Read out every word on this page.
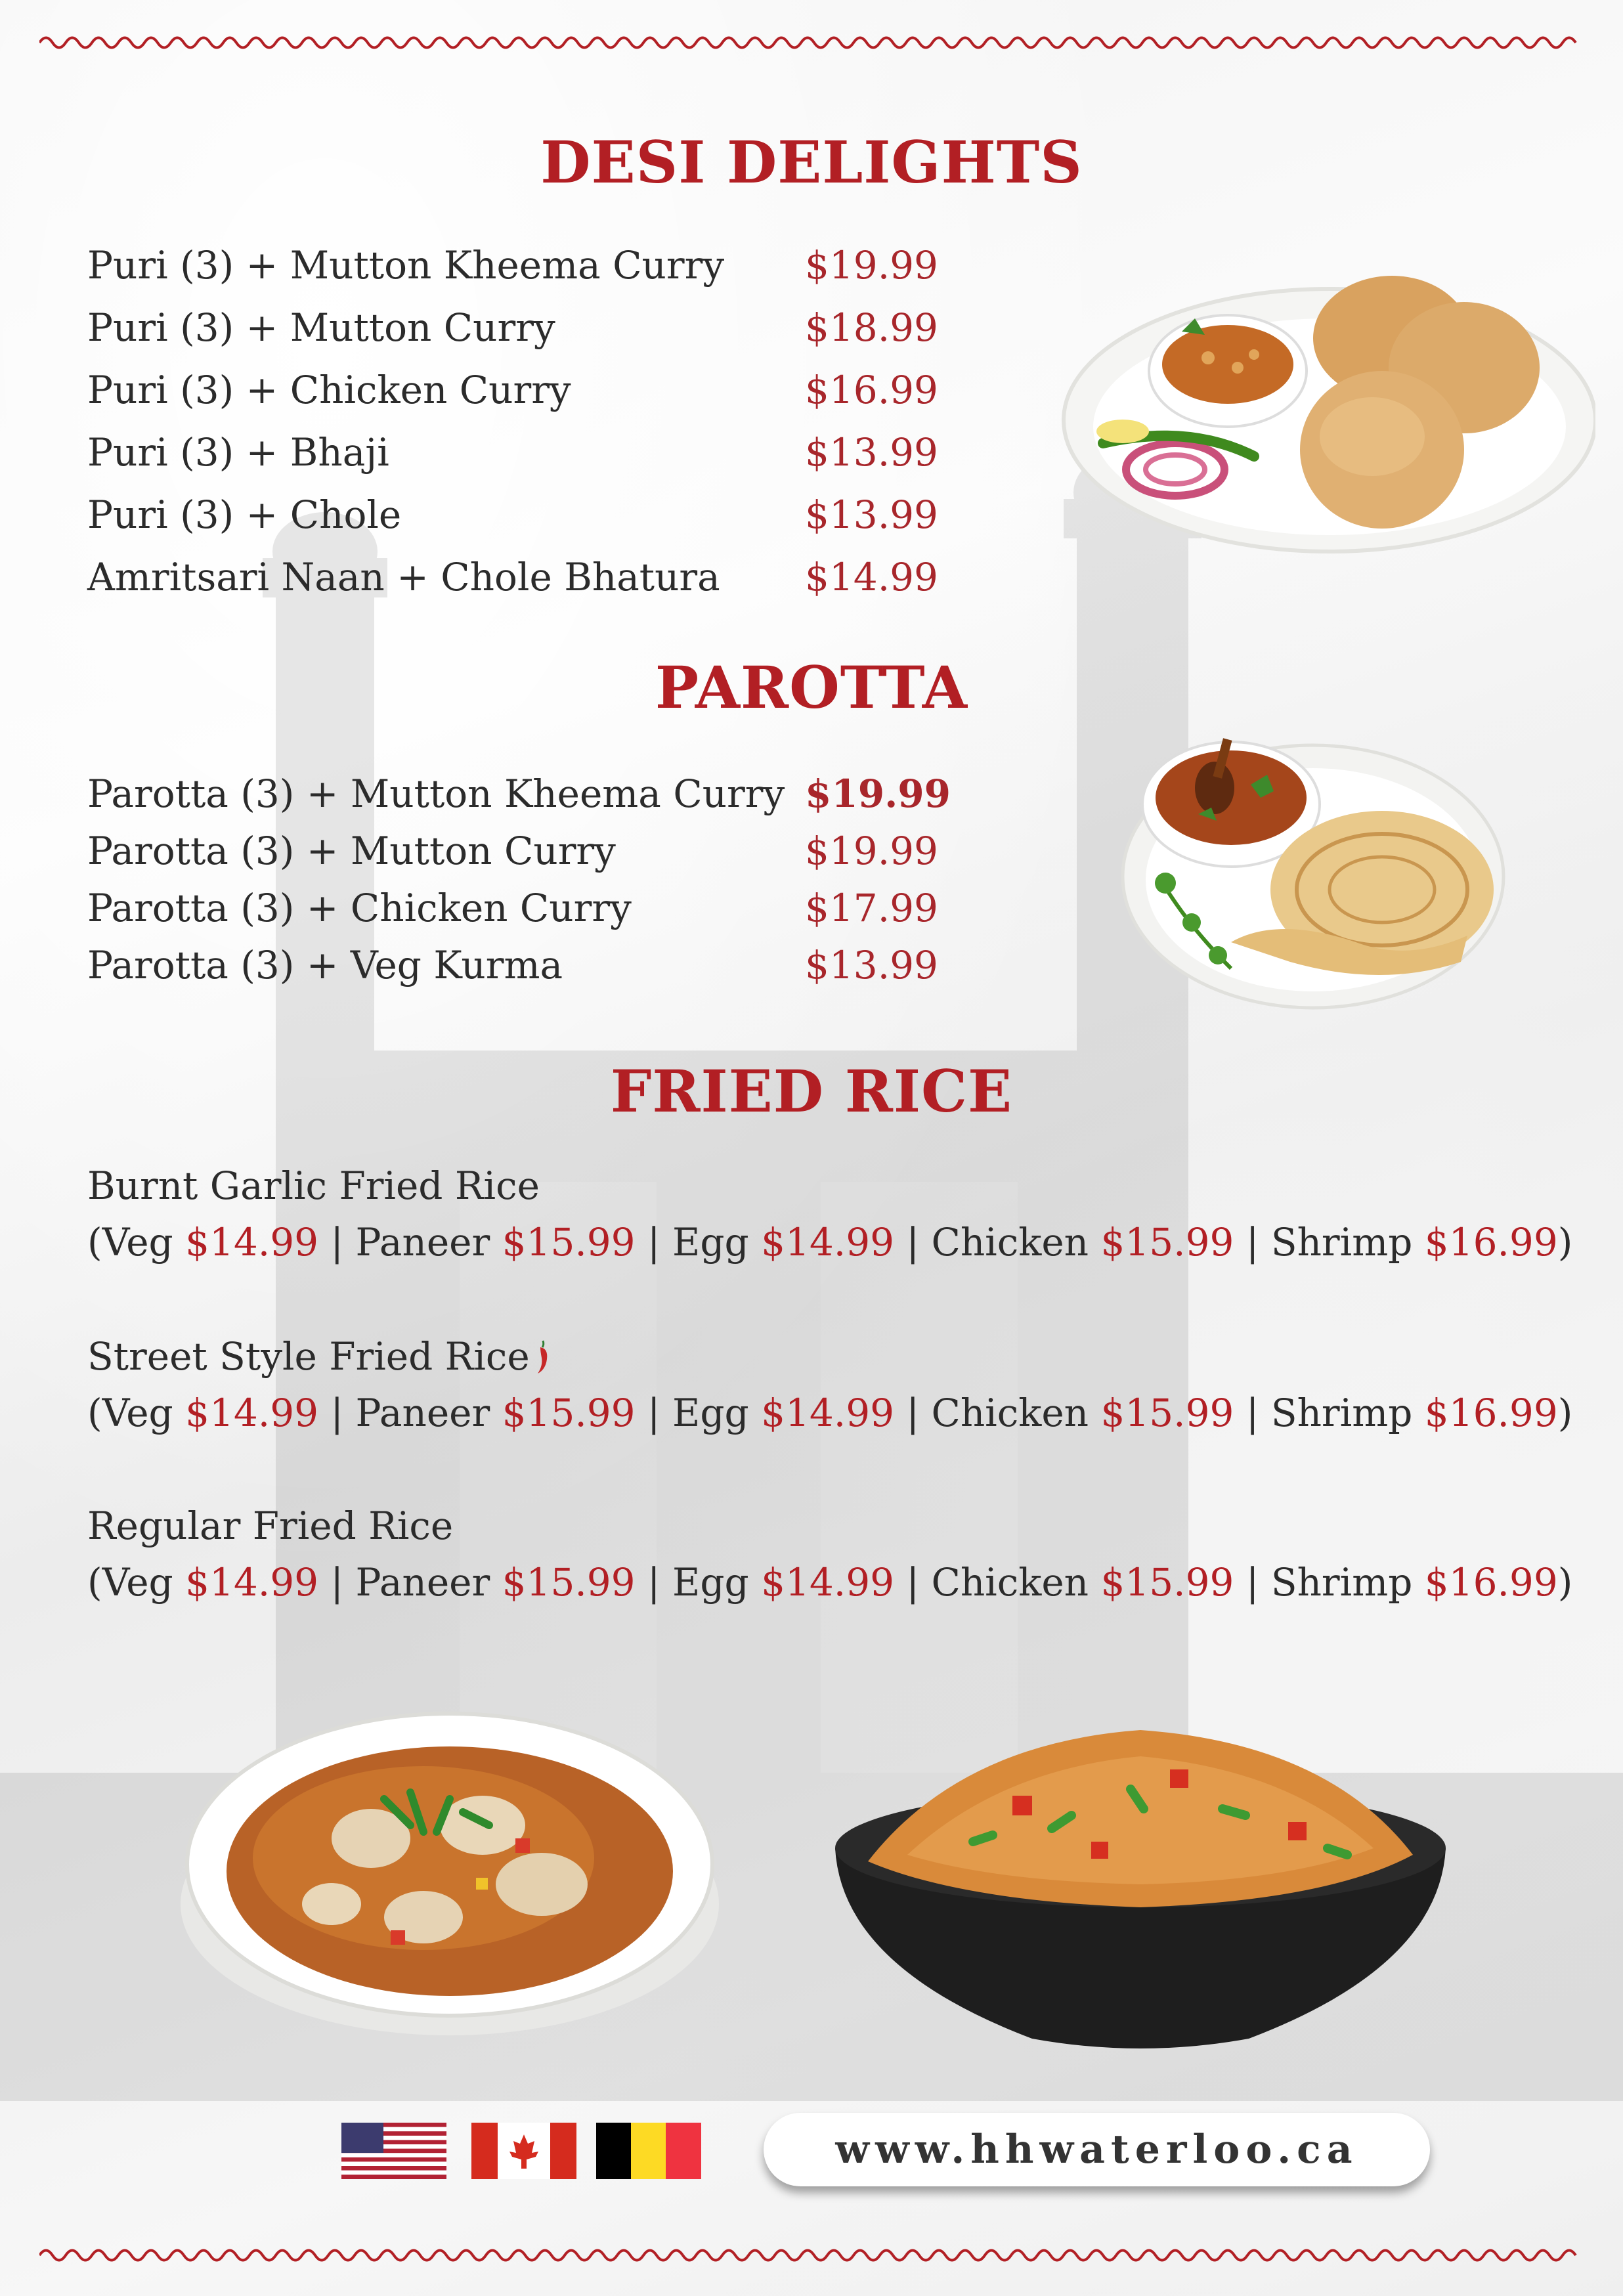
DESI DELIGHTS
Puri (3) + Mutton Kheema Curry $19.99
Puri (3) + Mutton Curry	$18.99
Puri (3) + Chicken Curry	$16.99
Puri (3) + Bhaji	$13.99
Puri (3) + Chole	$13.99
Amritsari Naan + Chole Bhatura $14.99
PAROTTA
Parotta (3) + Mutton Kheema Curry $19.99
Parotta (3) + Mutton Curry	$19.99
Parotta (3) + Chicken Curry	$17.99
Parotta (3) + Veg Kurma	$13.99
FRIED RICE
Burnt Garlic Fried Rice
(Veg $14.99 | Paneer $15.99 | Egg $14.99 | Chicken $15.99 | Shrimp $16.99)
Street Style Fried Rice
(Veg $14.99 | Paneer $15.99 | Egg $14.99 | Chicken $15.99 | Shrimp $16.99)
Regular Fried Rice
(Veg $14.99 | Paneer $15.99 | Egg $14.99 | Chicken $15.99 | Shrimp $16.99)
www.hhwaterloo.ca
